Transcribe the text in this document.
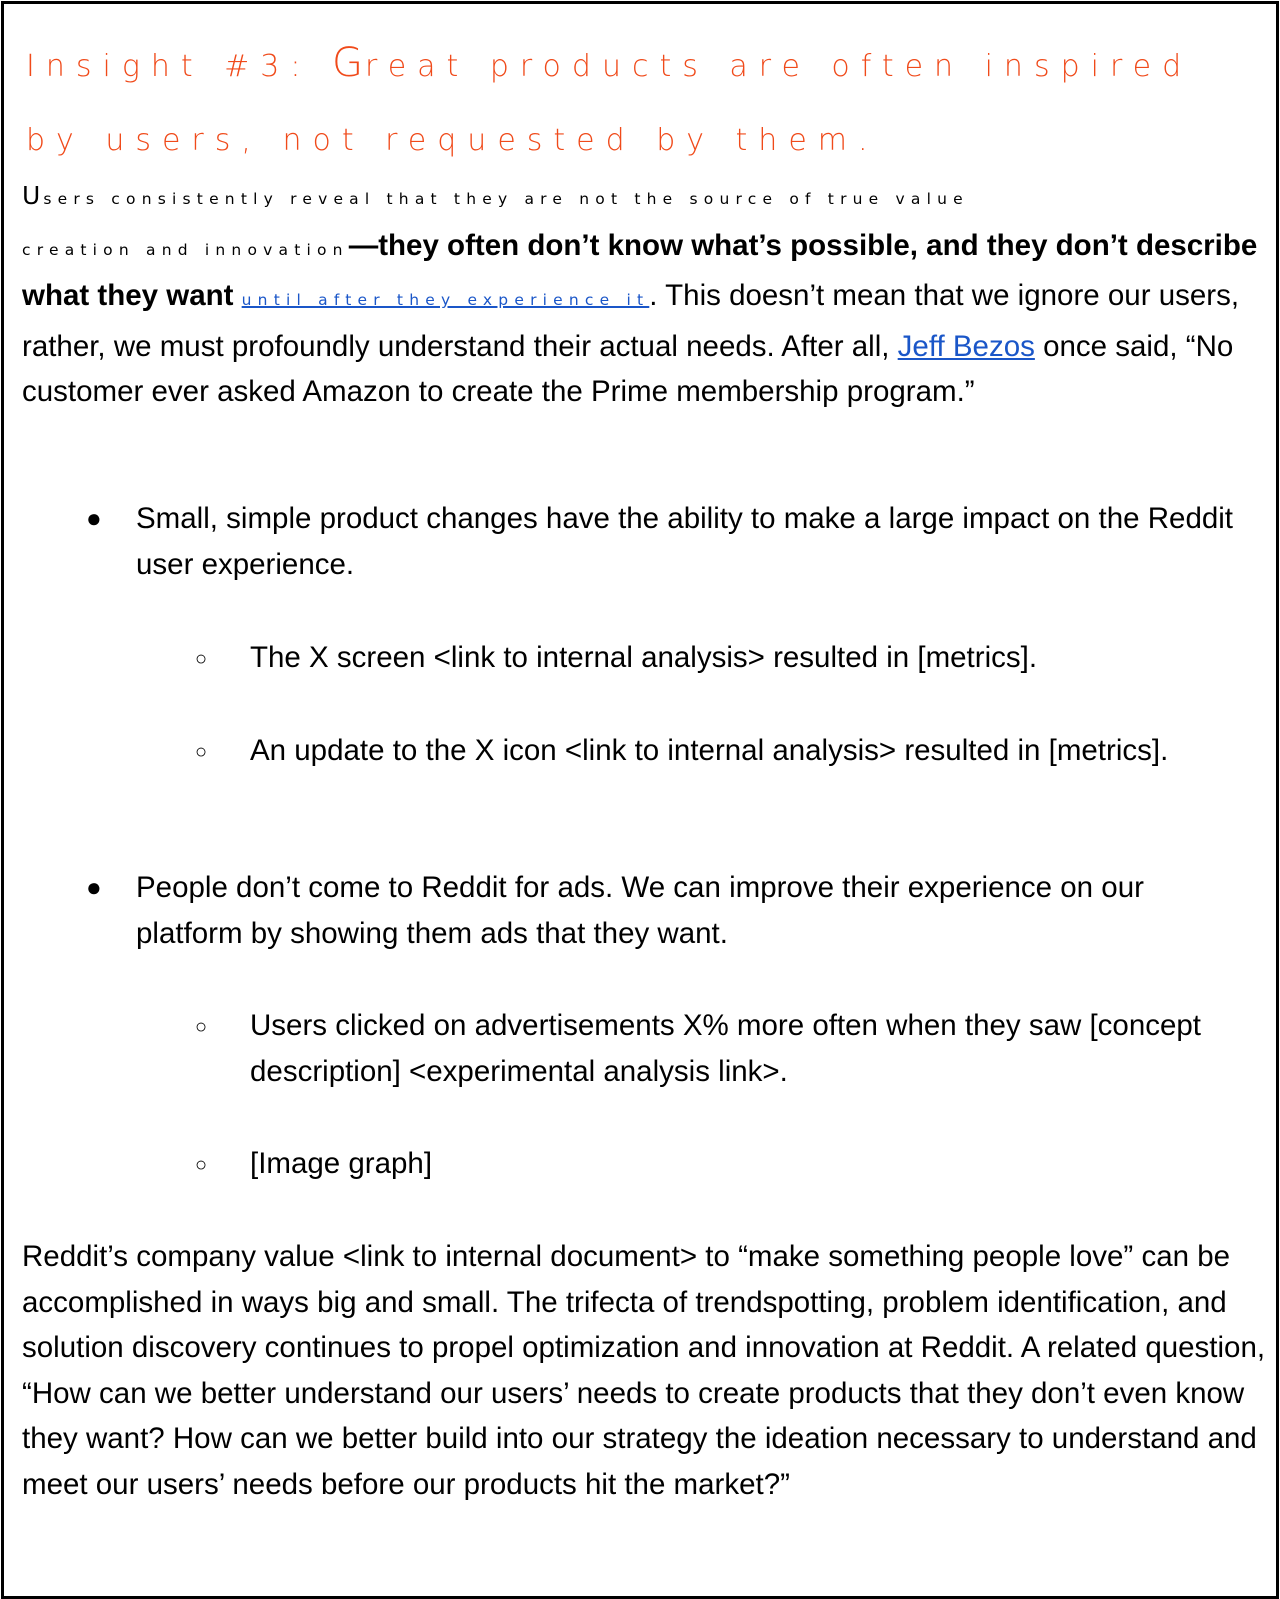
Insight #3: Great products are often inspired
by users, not requested by them.

Users consistently reveal that they are not the source of true value
creation and innovation—they often don’t know what’s possible, and they don’t describe what they want until after they experience it. This doesn’t mean that we ignore our users, rather, we must profoundly understand their actual needs. After all, Jeff Bezos once said, “No customer ever asked Amazon to create the Prime membership program.”

● Small, simple product changes have the ability to make a large impact on the Reddit user experience.
○ The X screen <link to internal analysis> resulted in [metrics].
○ An update to the X icon <link to internal analysis> resulted in [metrics].
● People don’t come to Reddit for ads. We can improve their experience on our platform by showing them ads that they want.
○ Users clicked on advertisements X% more often when they saw [concept description] <experimental analysis link>.
○ [Image graph]

Reddit’s company value <link to internal document> to “make something people love” can be accomplished in ways big and small. The trifecta of trendspotting, problem identification, and solution discovery continues to propel optimization and innovation at Reddit. A related question, “How can we better understand our users’ needs to create products that they don’t even know they want? How can we better build into our strategy the ideation necessary to understand and meet our users’ needs before our products hit the market?”
